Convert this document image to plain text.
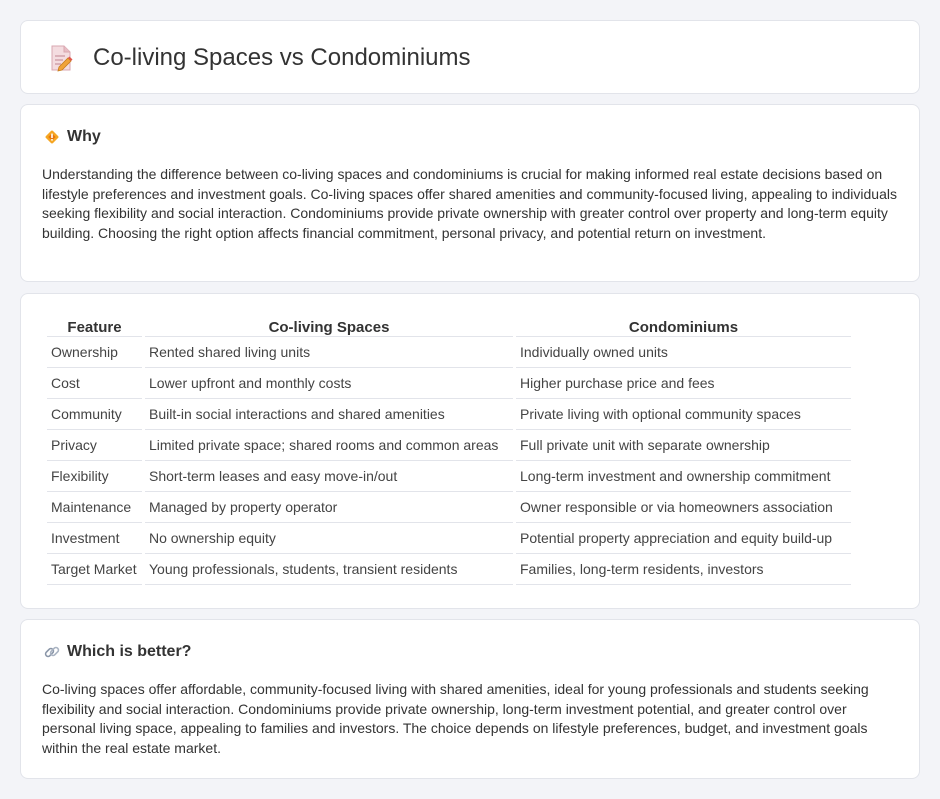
Co-living Spaces vs Condominiums
Why

Understanding the difference between co-living spaces and condominiums is crucial for making informed real estate decisions based on lifestyle preferences and investment goals. Co-living spaces offer shared amenities and community-focused living, appealing to individuals seeking flexibility and social interaction. Condominiums provide private ownership with greater control over property and long-term equity building. Choosing the right option affects financial commitment, personal privacy, and potential return on investment.

Feature	Co-living Spaces	Condominiums
Ownership	Rented shared living units	Individually owned units
Cost	Lower upfront and monthly costs	Higher purchase price and fees
Community	Built-in social interactions and shared amenities	Private living with optional community spaces
Privacy	Limited private space; shared rooms and common areas	Full private unit with separate ownership
Flexibility	Short-term leases and easy move-in/out	Long-term investment and ownership commitment
Maintenance	Managed by property operator	Owner responsible or via homeowners association
Investment	No ownership equity	Potential property appreciation and equity build-up
Target Market	Young professionals, students, transient residents	Families, long-term residents, investors
Which is better?

Co-living spaces offer affordable, community-focused living with shared amenities, ideal for young professionals and students seeking flexibility and social interaction. Condominiums provide private ownership, long-term investment potential, and greater control over personal living space, appealing to families and investors. The choice depends on lifestyle preferences, budget, and investment goals within the real estate market.
